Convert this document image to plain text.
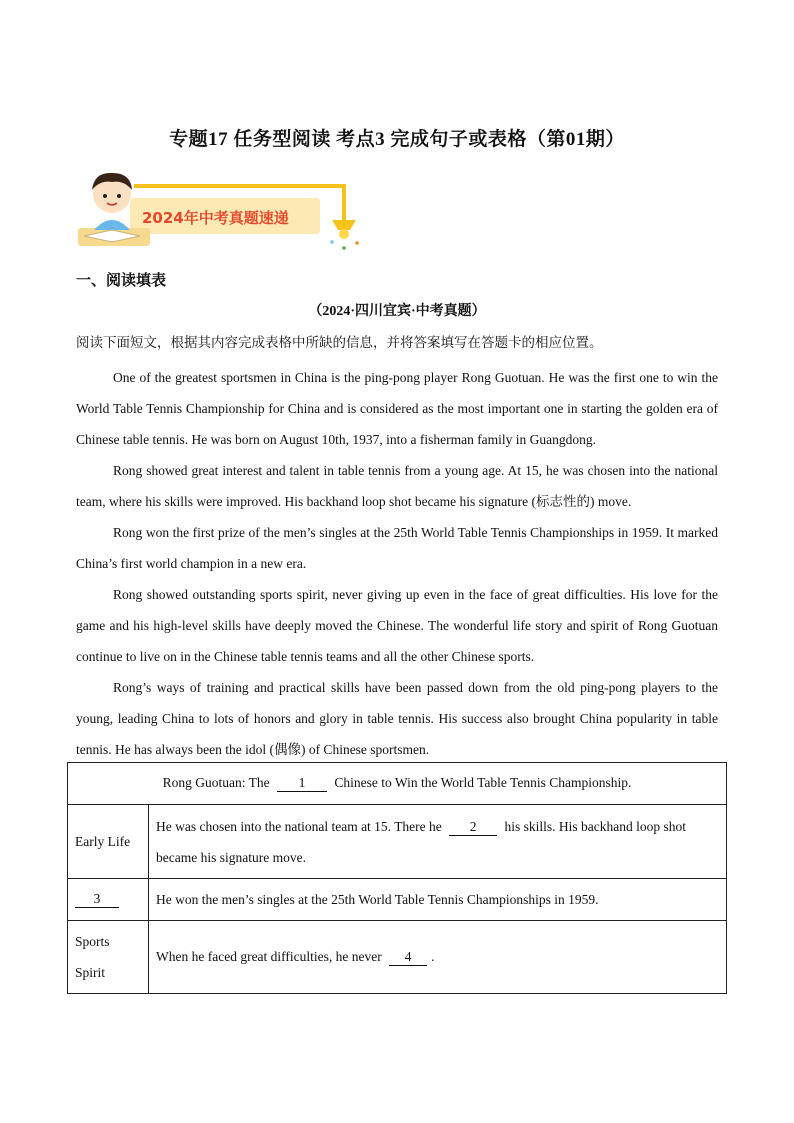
专题17 任务型阅读 考点3 完成句子或表格（第01期）
2024年中考真题速递
一、阅读填表
（2024·四川宜宾·中考真题）
阅读下面短文，根据其内容完成表格中所缺的信息，并将答案填写在答题卡的相应位置。

One of the greatest sportsmen in China is the ping-pong player Rong Guotuan. He was the first one to win the World Table Tennis Championship for China and is considered as the most important one in starting the golden era of Chinese table tennis. He was born on August 10th, 1937, into a fisherman family in Guangdong.

Rong showed great interest and talent in table tennis from a young age. At 15, he was chosen into the national team, where his skills were improved. His backhand loop shot became his signature (标志性的) move.

Rong won the first prize of the men’s singles at the 25th World Table Tennis Championships in 1959. It marked China’s first world champion in a new era.

Rong showed outstanding sports spirit, never giving up even in the face of great difficulties. His love for the game and his high-level skills have deeply moved the Chinese. The wonderful life story and spirit of Rong Guotuan continue to live on in the Chinese table tennis teams and all the other Chinese sports.

Rong’s ways of training and practical skills have been passed down from the old ping-pong players to the young, leading China to lots of honors and glory in table tennis. His success also brought China popularity in table tennis. He has always been the idol (偶像) of Chinese sportsmen.

Rong Guotuan: The 1 Chinese to Win the World Table Tennis Championship.	
Early Life	He was chosen into the national team at 15. There he 2 his skills. His backhand loop shot became his signature move.
3	He won the men’s singles at the 25th World Table Tennis Championships in 1959.
Sports Spirit	When he faced great difficulties, he never 4 .
